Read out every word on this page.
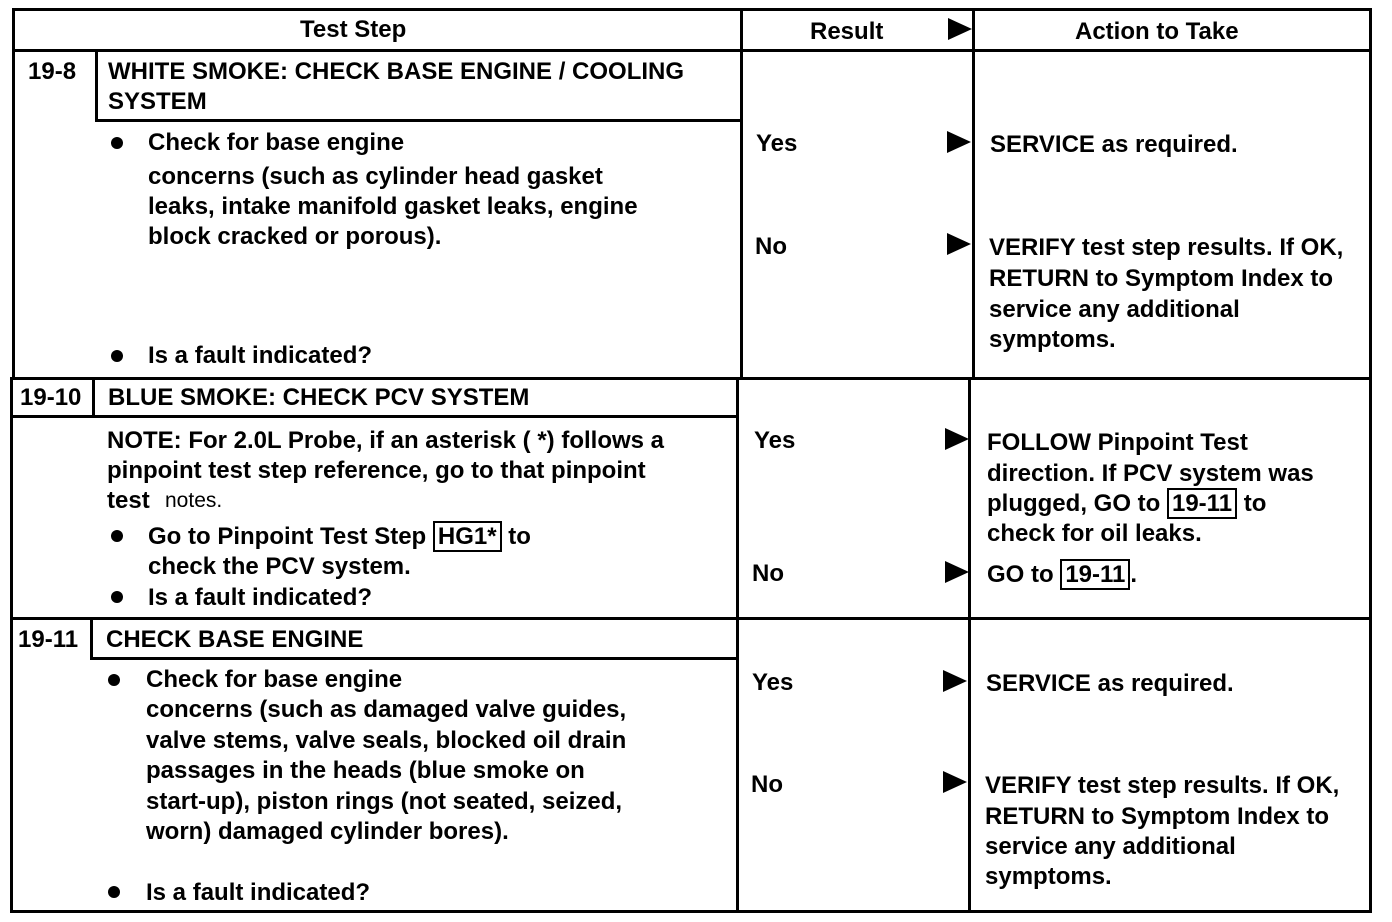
Test Step	Result	Action to Take
19-8 WHITE SMOKE: CHECK BASE ENGINE / COOLING
SYSTEM
Check for base engine
concerns (such as cylinder head gasket
leaks, intake manifold gasket leaks, engine
block cracked or porous).
Is a fault indicated?
Yes	SERVICE as required.
No	VERIFY test step results. If OK,
RETURN to Symptom Index to
service any additional
symptoms.
19-10 BLUE SMOKE: CHECK PCV SYSTEM
NOTE: For 2.0L Probe, if an asterisk ( *) follows a
pinpoint test step reference, go to that pinpoint
test notes.
Go to Pinpoint Test Step HG1* to
check the PCV system.
Is a fault indicated?
Yes	FOLLOW Pinpoint Test
direction. If PCV system was
plugged, GO to 19-11 to
check for oil leaks.
No	GO to 19-11 .
19-11 CHECK BASE ENGINE
Check for base engine
concerns (such as damaged valve guides,
valve stems, valve seals, blocked oil drain
passages in the heads (blue smoke on
start-up), piston rings (not seated, seized,
worn) damaged cylinder bores).
Is a fault indicated?
Yes	SERVICE as required.
No	VERIFY test step results. If OK,
RETURN to Symptom Index to
service any additional
symptoms.
